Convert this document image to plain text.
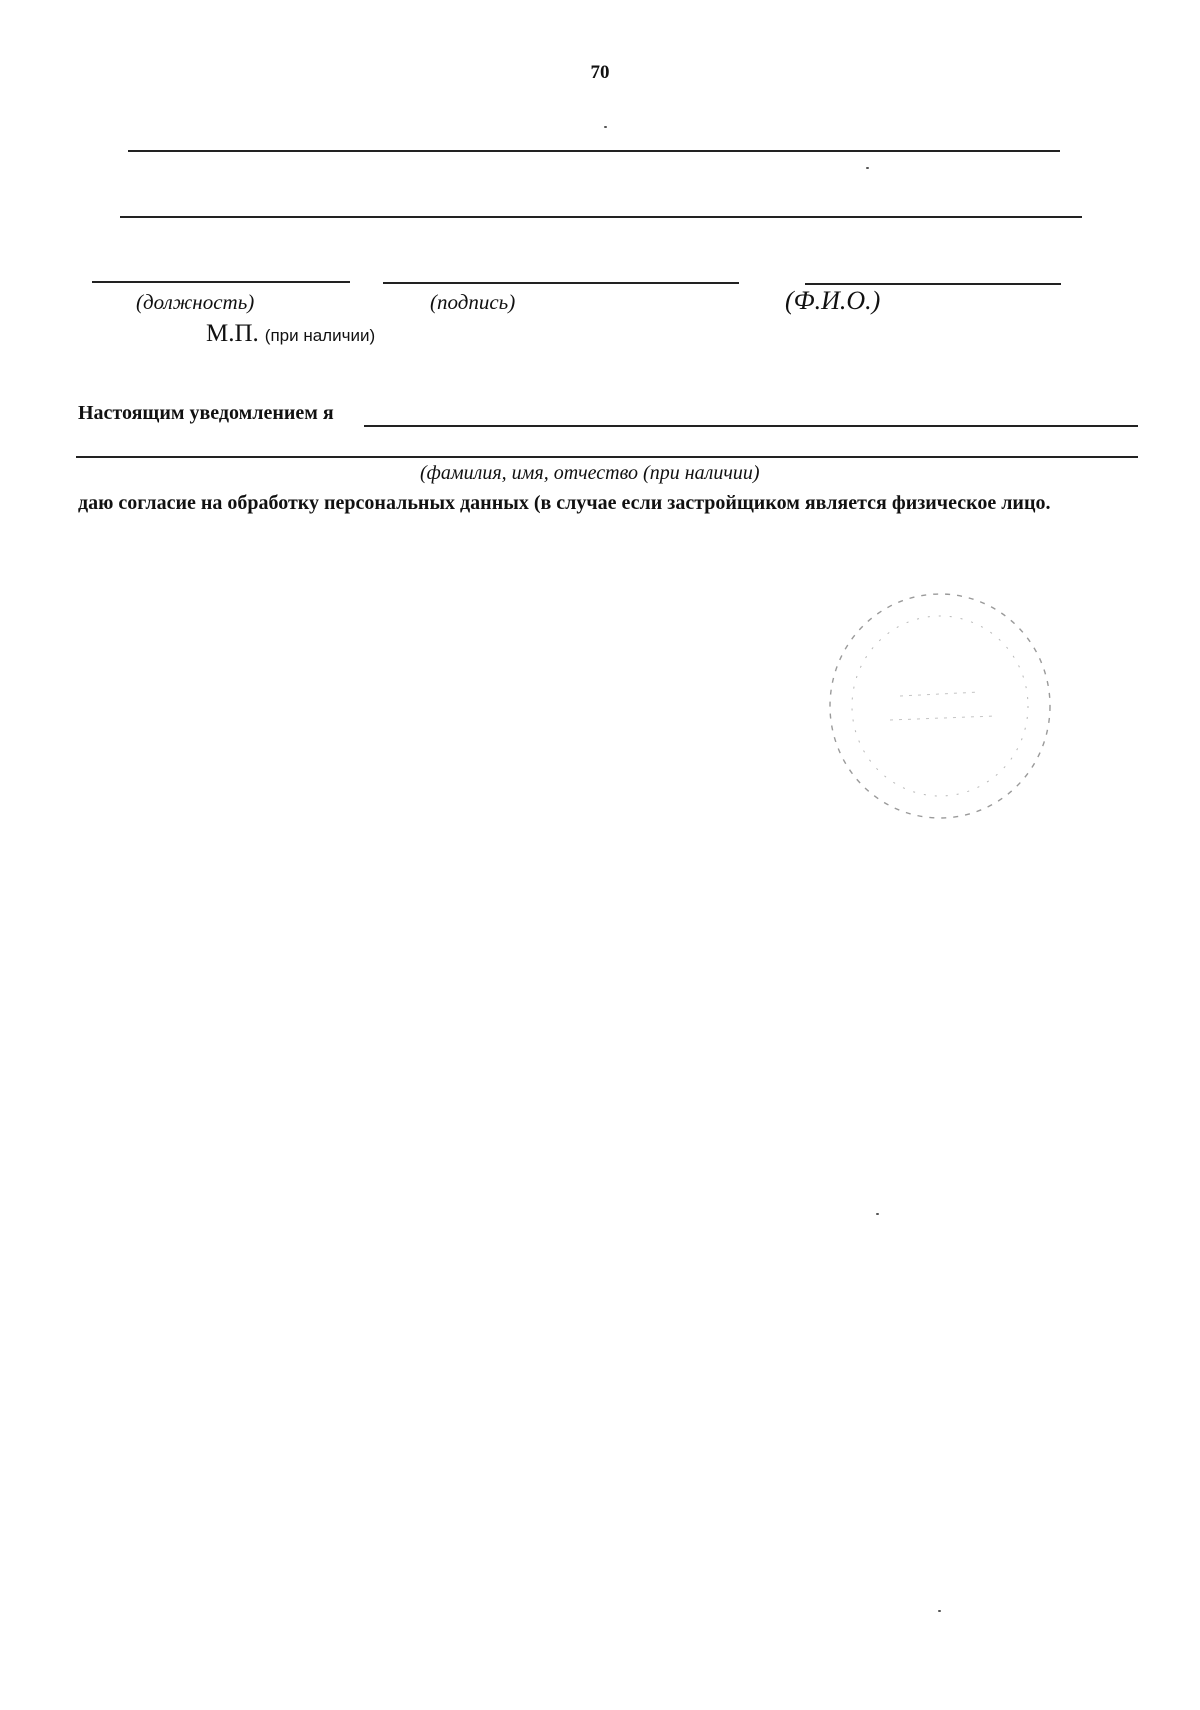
70
(должность)	(подпись)	(Ф.И.О.)
М.П. (при наличии)
Настоящим уведомлением я
(фамилия, имя, отчество (при наличии)
даю согласие на обработку персональных данных (в случае если застройщиком является физическое лицо.
